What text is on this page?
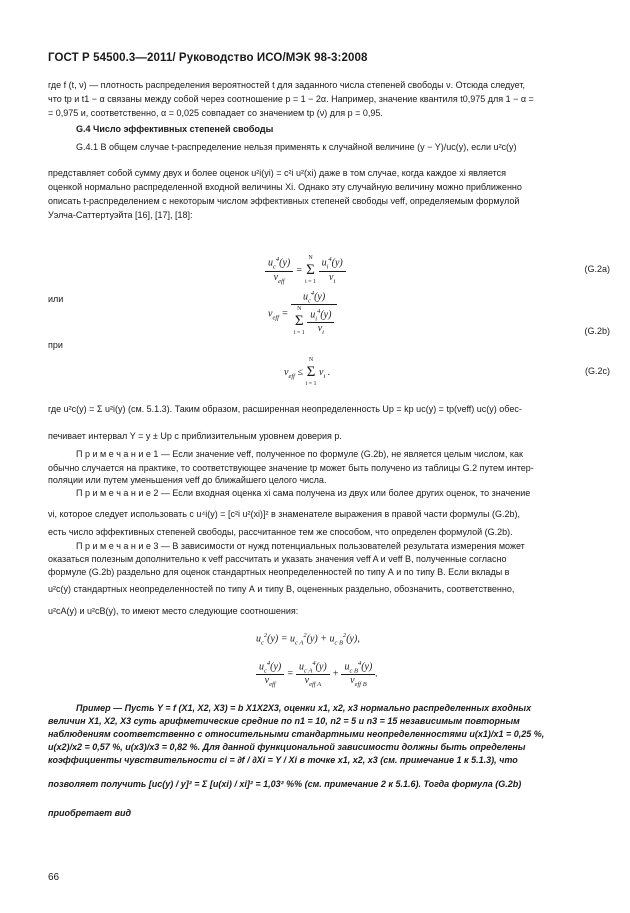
ГОСТ Р 54500.3—2011/ Руководство ИСО/МЭК 98-3:2008
где f (t, ν) — плотность распределения вероятностей t для заданного числа степеней свободы ν. Отсюда следует,
что tp и t1 − α связаны между собой через соотношение p = 1 − 2α. Например, значение квантиля t0,975 для 1 − α =
= 0,975 и, соответственно, α = 0,025 совпадает со значением tp (ν) для p = 0,95.
G.4 Число эффективных степеней свободы
G.4.1 В общем случае t-распределение нельзя применять к случайной величине (y − Y)/uc(y), если u²c(y)
представляет собой сумму двух и более оценок u²i(yi) = c²i u²(xi) даже в том случае, когда каждое xi является
оценкой нормально распределенной входной величины Xi. Однако эту случайную величину можно приближенно
описать t-распределением с некоторым числом эффективных степеней свободы νeff, определяемым формулой
Уэлча-Саттертуэйта [16], [17], [18]:
$\frac{u_c^4(y)}{\nu_{eff}}$ =
N
Σ
i = 1
$\frac{u_i^4(y)}{\nu_i}$	(G.2a)
или
$\nu_{eff} = u_c^4(y)$
N
Σ
i = 1
$\frac{u_i^4(y)}{\nu_i}$	(G.2b)
при
$\nu_{eff}$ ≤
N
Σ
i = 1
$\nu_i$ .	(G.2c)
где u²c(y) = Σ u²i(y) (см. 5.1.3). Таким образом, расширенная неопределенность Up = kp uc(y) = tp(νeff) uc(y) обес-
печивает интервал Y = y ± Up с приблизительным уровнем доверия p.
П р и м е ч а н и е 1 — Если значение νeff, полученное по формуле (G.2b), не является целым числом, как
обычно случается на практике, то соответствующее значение tp может быть получено из таблицы G.2 путем интер-
поляции или путем уменьшения νeff до ближайшего целого числа.
П р и м е ч а н и е 2 — Если входная оценка xi сама получена из двух или более других оценок, то значение
νi, которое следует использовать с u⁴i(y) = [c²i u²(xi)]² в знаменателе выражения в правой части формулы (G.2b),
есть число эффективных степеней свободы, рассчитанное тем же способом, что определен формулой (G.2b).
П р и м е ч а н и е 3 — В зависимости от нужд потенциальных пользователей результата измерения может
оказаться полезным дополнительно к νeff рассчитать и указать значения νeff A и νeff B, полученные согласно
формуле (G.2b) раздельно для оценок стандартных неопределенностей по типу А и по типу В. Если вклады в
u²c(y) стандартных неопределенностей по типу А и типу В, оцененных раздельно, обозначить, соответственно,
u²cA(y) и u²cB(y), то имеют место следующие соотношения:
$u_c^2(y) = u_{c A}^2(y) + u_{c B}^2(y)$,
$\frac{u_c^4(y)}{\nu_{eff}} = \frac{u_{c A}^4(y)}{\nu_{eff A}} + \frac{u_{c B}^4(y)}{\nu_{eff B}}$ .
Пример — Пусть Y = f (X1, X2, X3) = b X1X2X3, оценки x1, x2, x3 нормально распределенных входных
величин X1, X2, X3 суть арифметические средние по n1 = 10, n2 = 5 и n3 = 15 независимым повторным
наблюдениям соответственно с относительными стандартными неопределенностями u(x1)/x1 = 0,25 %,
u(x2)/x2 = 0,57 %, u(x3)/x3 = 0,82 %. Для данной функциональной зависимости должны быть определены
коэффициенты чувствительности ci = ∂f / ∂Xi = Y / Xi в точке x1, x2, x3 (см. примечание 1 к 5.1.3), что
позволяет получить [uc(y) / y]² = Σ [u(xi) / xi]² = 1,03² %% (см. примечание 2 к 5.1.6). Тогда формула (G.2b)
приобретает вид
66
